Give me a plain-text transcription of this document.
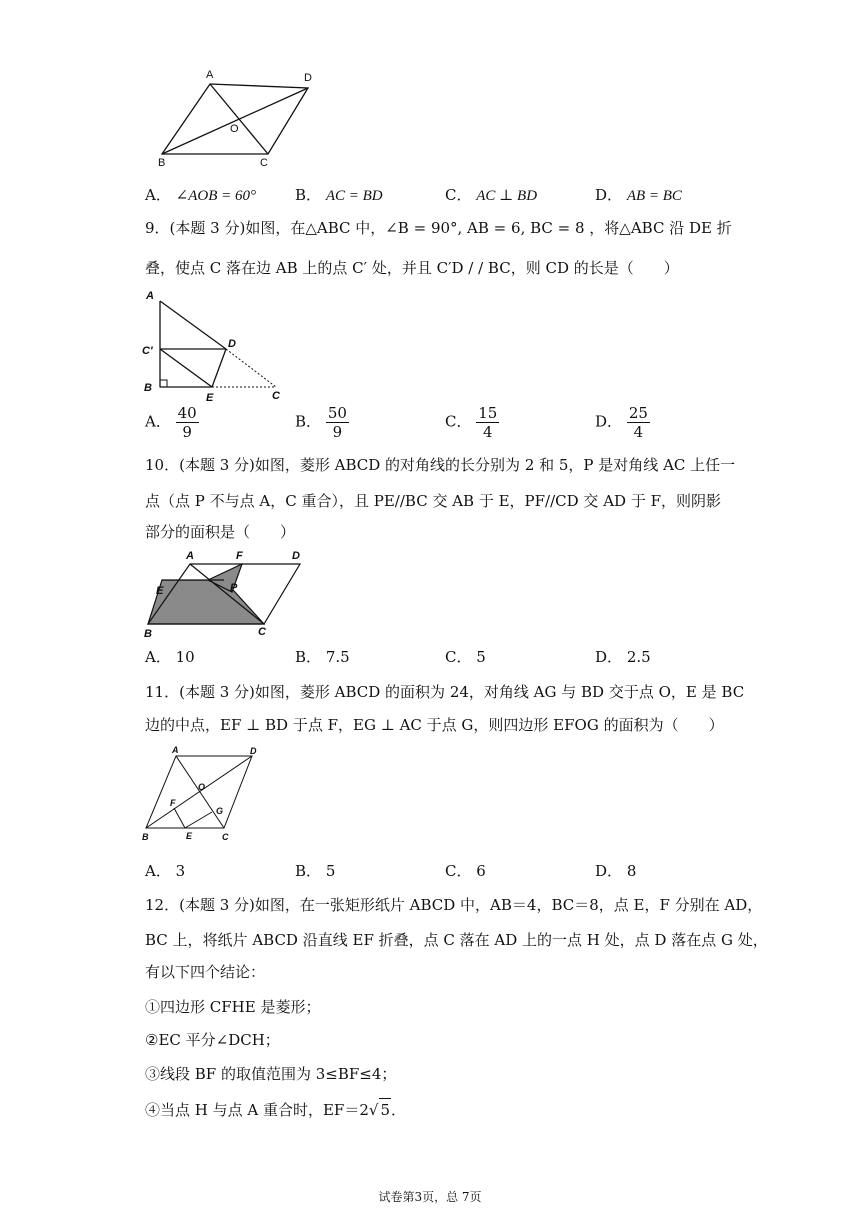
A	D
O
B	C
A． ∠AOB = 60°	B． AC = BD	C． AC ⊥ BD	D． AB = BC
9．(本题 3 分)如图，在△ABC 中，∠B = 90°, AB = 6, BC = 8 ，将△ABC 沿 DE 折
叠，使点 C 落在边 AB 上的点 C′ 处，并且 C′D / / BC，则 CD 的长是（　　）
A
C′
D
B
E	C
A． $\frac{40}{9}$	B． $\frac{50}{9}$	C． $\frac{15}{4}$	D． $\frac{25}{4}$
10．(本题 3 分)如图，菱形 ABCD 的对角线的长分别为 2 和 5，P 是对角线 AC 上任一
点（点 P 不与点 A，C 重合），且 PE//BC 交 AB 于 E，PF//CD 交 AD 于 F，则阴影
部分的面积是（　　）
A	F	D
E	P
B	C
A． 10	B． 7.5	C． 5	D． 2.5
11．(本题 3 分)如图，菱形 ABCD 的面积为 24，对角线 AG 与 BD 交于点 O，E 是 BC
边的中点，EF ⊥ BD 于点 F，EG ⊥ AC 于点 G，则四边形 EFOG 的面积为（　　）
A	D
O
F
G
B	E	C
A． 3	B． 5	C． 6	D． 8
12．(本题 3 分)如图，在一张矩形纸片 ABCD 中，AB＝4，BC＝8，点 E，F 分别在 AD，
BC 上，将纸片 ABCD 沿直线 EF 折叠，点 C 落在 AD 上的一点 H 处，点 D 落在点 G 处，
有以下四个结论：
①四边形 CFHE 是菱形；
②EC 平分∠DCH；
③线段 BF 的取值范围为 3≤BF≤4；
④当点 H 与点 A 重合时，EF＝2√ 5．
试卷第3页，总 7页
